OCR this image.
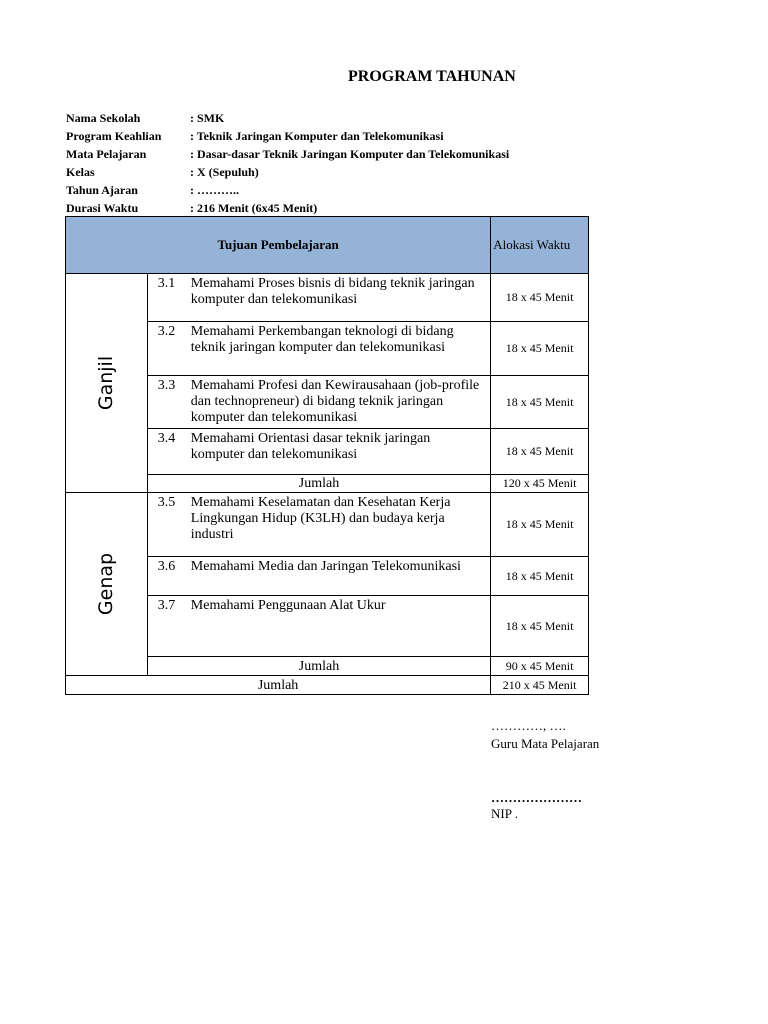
PROGRAM TAHUNAN
Nama Sekolah	: SMK
Program Keahlian : Teknik Jaringan Komputer dan Telekomunikasi
Mata Pelajaran	: Dasar-dasar Teknik Jaringan Komputer dan Telekomunikasi
Kelas	: X (Sepuluh)
Tahun Ajaran	: ………..
Durasi Waktu	: 216 Menit (6x45 Menit)
Tujuan Pembelajaran		Alokasi Waktu
Ganjil	3.1 Memahami Proses bisnis di bidang teknik jaringan komputer dan telekomunikasi	18 x 45 Menit
	3.2 Memahami Perkembangan teknologi di bidang teknik jaringan komputer dan telekomunikasi	18 x 45 Menit
	3.3 Memahami Profesi dan Kewirausahaan (job-profile dan technopreneur) di bidang teknik jaringan komputer dan telekomunikasi	18 x 45 Menit
	3.4 Memahami Orientasi dasar teknik jaringan komputer dan telekomunikasi	18 x 45 Menit
	Jumlah	120 x 45 Menit
Genap	3.5 Memahami Keselamatan dan Kesehatan Kerja Lingkungan Hidup (K3LH) dan budaya kerja industri	18 x 45 Menit
	3.6 Memahami Media dan Jaringan Telekomunikasi	18 x 45 Menit
	3.7 Memahami Penggunaan Alat Ukur	18 x 45 Menit
	Jumlah	90 x 45 Menit
Jumlah		210 x 45 Menit
…………, ….
Guru Mata Pelajaran
…………………
NIP .
